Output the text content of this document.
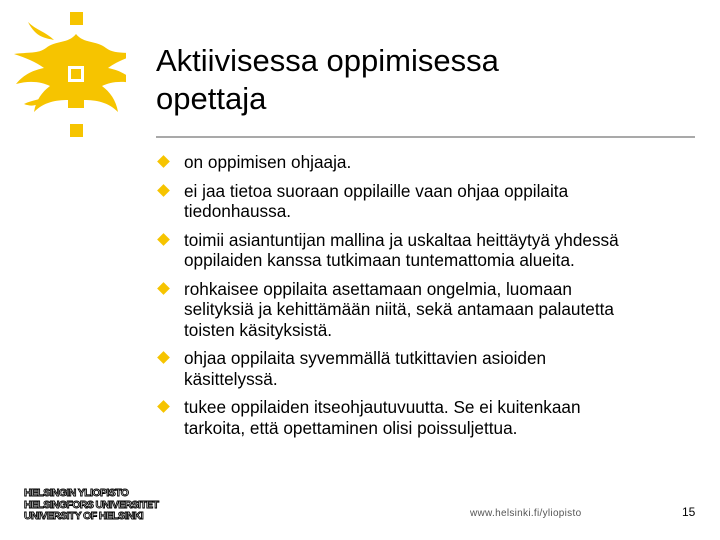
Aktiivisessa oppimisessa
opettaja
on oppimisen ohjaaja.
ei jaa tietoa suoraan oppilaille vaan ohjaa oppilaita
tiedonhaussa.
toimii asiantuntijan mallina ja uskaltaa heittäytyä yhdessä
oppilaiden kanssa tutkimaan tuntemattomia alueita.
rohkaisee oppilaita asettamaan ongelmia, luomaan
selityksiä ja kehittämään niitä, sekä antamaan palautetta
toisten käsityksistä.
ohjaa oppilaita syvemmällä tutkittavien asioiden
käsittelyssä.
tukee oppilaiden itseohjautuvuutta. Se ei kuitenkaan
tarkoita, että opettaminen olisi poissuljettua.
HELSINGIN YLIOPISTO
HELSINGFORS UNIVERSITET
UNIVERSITY OF HELSINKI	www.helsinki.fi/yliopisto	15
